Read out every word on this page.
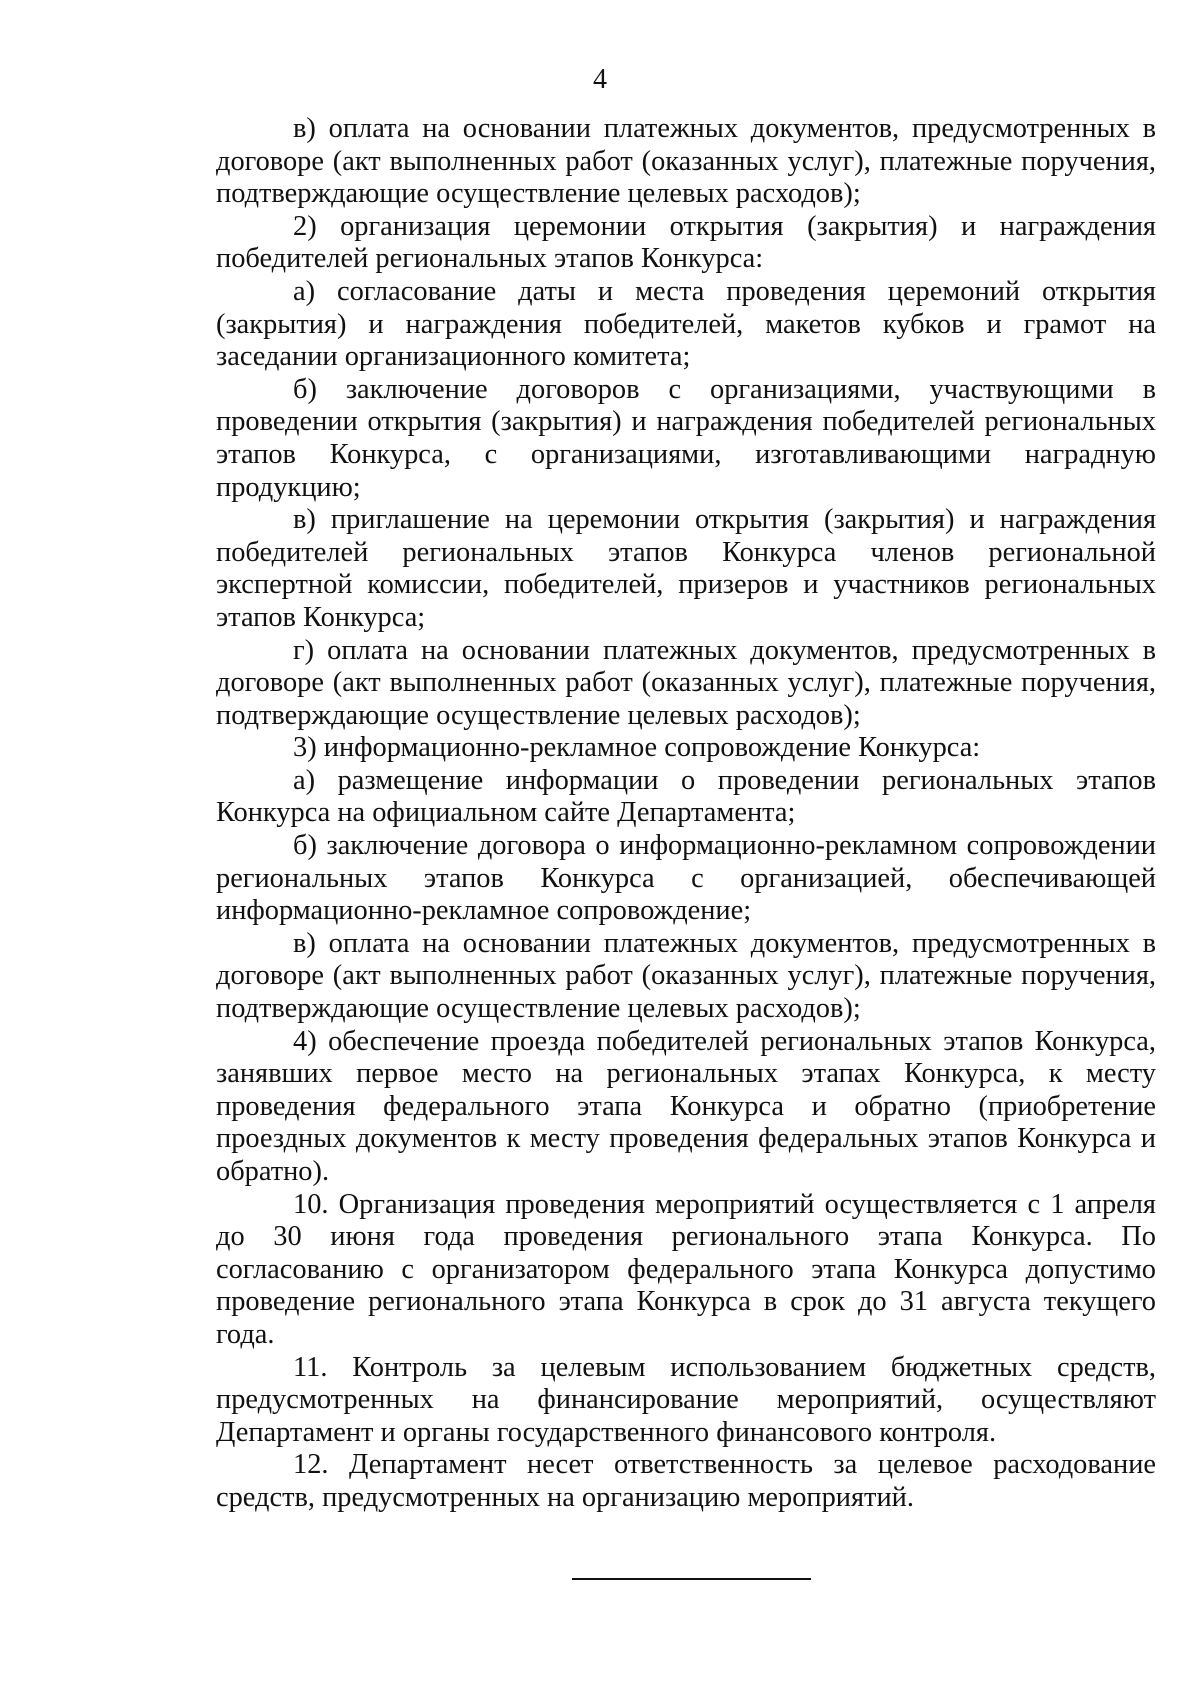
4

в) оплата на основании платежных документов, предусмотренных в договоре (акт выполненных работ (оказанных услуг), платежные поручения, подтверждающие осуществление целевых расходов);

2) организация церемонии открытия (закрытия) и награждения победителей региональных этапов Конкурса:

а) согласование даты и места проведения церемоний открытия (закрытия) и награждения победителей, макетов кубков и грамот на заседании организационного комитета;

б) заключение договоров с организациями, участвующими в проведении открытия (закрытия) и награждения победителей региональных этапов Конкурса, с организациями, изготавливающими наградную продукцию;

в) приглашение на церемонии открытия (закрытия) и награждения победителей региональных этапов Конкурса членов региональной экспертной комиссии, победителей, призеров и участников региональных этапов Конкурса;

г) оплата на основании платежных документов, предусмотренных в договоре (акт выполненных работ (оказанных услуг), платежные поручения, подтверждающие осуществление целевых расходов);

3) информационно-рекламное сопровождение Конкурса:

а) размещение информации о проведении региональных этапов Конкурса на официальном сайте Департамента;

б) заключение договора о информационно-рекламном сопровождении региональных этапов Конкурса с организацией, обеспечивающей информационно-рекламное сопровождение;

в) оплата на основании платежных документов, предусмотренных в договоре (акт выполненных работ (оказанных услуг), платежные поручения, подтверждающие осуществление целевых расходов);

4) обеспечение проезда победителей региональных этапов Конкурса, занявших первое место на региональных этапах Конкурса, к месту проведения федерального этапа Конкурса и обратно (приобретение проездных документов к месту проведения федеральных этапов Конкурса и обратно).

10. Организация проведения мероприятий осуществляется с 1 апреля до 30 июня года проведения регионального этапа Конкурса. По согласованию с организатором федерального этапа Конкурса допустимо проведение регионального этапа Конкурса в срок до 31 августа текущего года.

11. Контроль за целевым использованием бюджетных средств, предусмотренных на финансирование мероприятий, осуществляют Департамент и органы государственного финансового контроля.

12. Департамент несет ответственность за целевое расходование средств, предусмотренных на организацию мероприятий.
